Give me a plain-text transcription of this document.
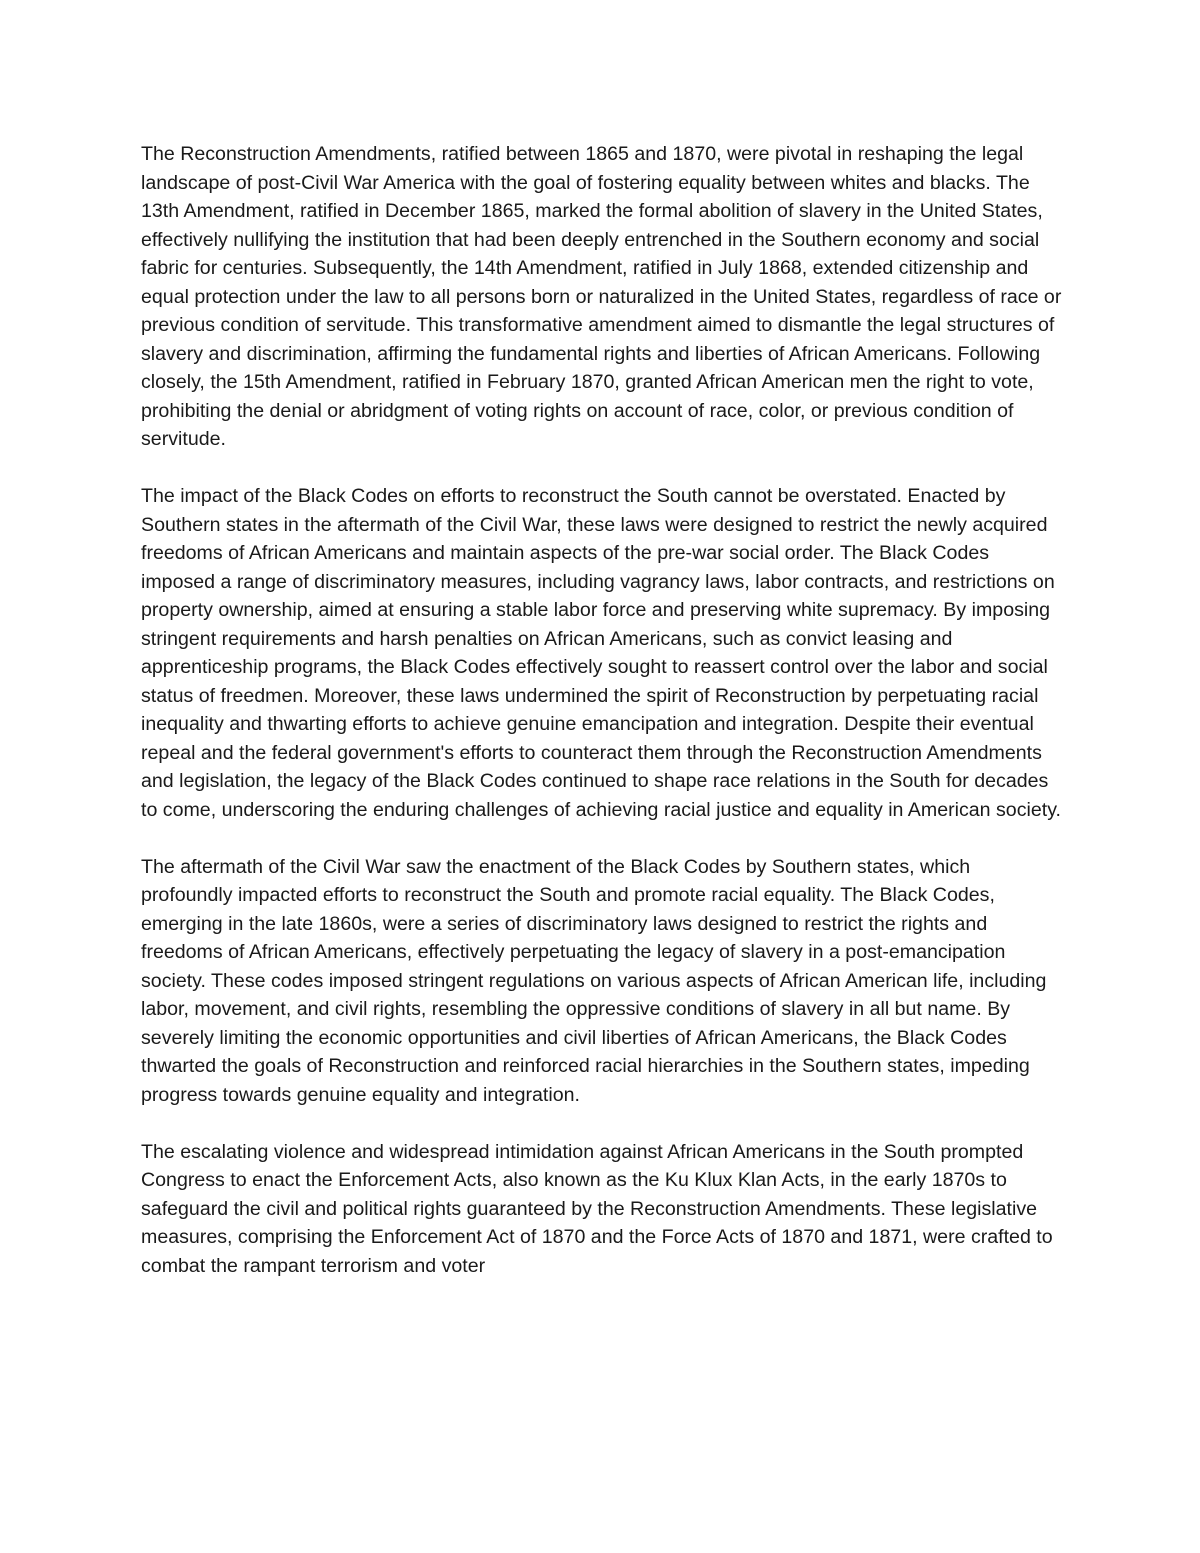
The Reconstruction Amendments, ratified between 1865 and 1870, were pivotal in reshaping the legal landscape of post-Civil War America with the goal of fostering equality between whites and blacks. The 13th Amendment, ratified in December 1865, marked the formal abolition of slavery in the United States, effectively nullifying the institution that had been deeply entrenched in the Southern economy and social fabric for centuries. Subsequently, the 14th Amendment, ratified in July 1868, extended citizenship and equal protection under the law to all persons born or naturalized in the United States, regardless of race or previous condition of servitude. This transformative amendment aimed to dismantle the legal structures of slavery and discrimination, affirming the fundamental rights and liberties of African Americans. Following closely, the 15th Amendment, ratified in February 1870, granted African American men the right to vote, prohibiting the denial or abridgment of voting rights on account of race, color, or previous condition of servitude.

The impact of the Black Codes on efforts to reconstruct the South cannot be overstated. Enacted by Southern states in the aftermath of the Civil War, these laws were designed to restrict the newly acquired freedoms of African Americans and maintain aspects of the pre-war social order. The Black Codes imposed a range of discriminatory measures, including vagrancy laws, labor contracts, and restrictions on property ownership, aimed at ensuring a stable labor force and preserving white supremacy. By imposing stringent requirements and harsh penalties on African Americans, such as convict leasing and apprenticeship programs, the Black Codes effectively sought to reassert control over the labor and social status of freedmen. Moreover, these laws undermined the spirit of Reconstruction by perpetuating racial inequality and thwarting efforts to achieve genuine emancipation and integration. Despite their eventual repeal and the federal government's efforts to counteract them through the Reconstruction Amendments and legislation, the legacy of the Black Codes continued to shape race relations in the South for decades to come, underscoring the enduring challenges of achieving racial justice and equality in American society.

The aftermath of the Civil War saw the enactment of the Black Codes by Southern states, which profoundly impacted efforts to reconstruct the South and promote racial equality. The Black Codes, emerging in the late 1860s, were a series of discriminatory laws designed to restrict the rights and freedoms of African Americans, effectively perpetuating the legacy of slavery in a post-emancipation society. These codes imposed stringent regulations on various aspects of African American life, including labor, movement, and civil rights, resembling the oppressive conditions of slavery in all but name. By severely limiting the economic opportunities and civil liberties of African Americans, the Black Codes thwarted the goals of Reconstruction and reinforced racial hierarchies in the Southern states, impeding progress towards genuine equality and integration.

The escalating violence and widespread intimidation against African Americans in the South prompted Congress to enact the Enforcement Acts, also known as the Ku Klux Klan Acts, in the early 1870s to safeguard the civil and political rights guaranteed by the Reconstruction Amendments. These legislative measures, comprising the Enforcement Act of 1870 and the Force Acts of 1870 and 1871, were crafted to combat the rampant terrorism and voter
